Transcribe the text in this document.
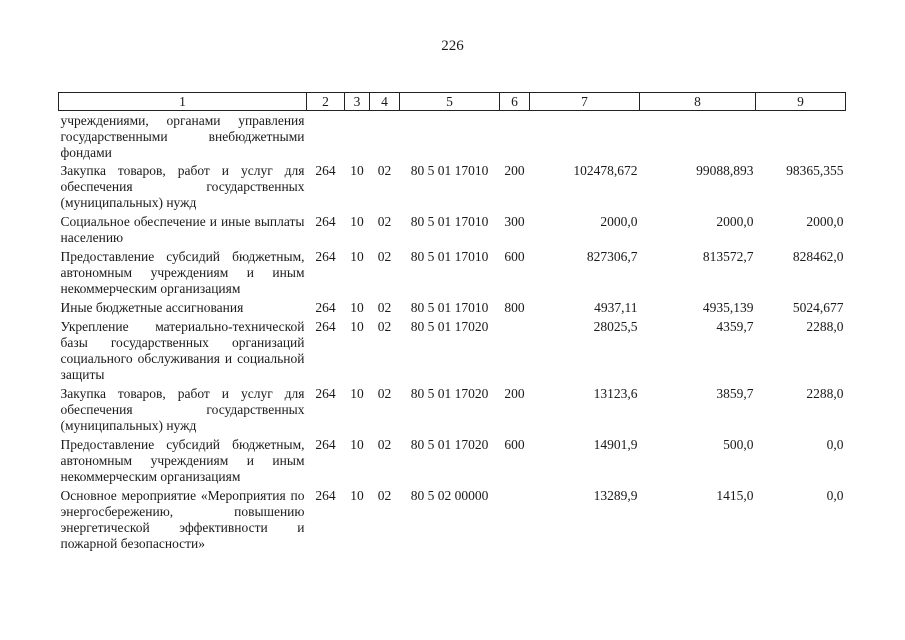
226
1	2	3	4	5	6	7	8	9
учреждениями, органами управления государственными внебюджетными фондами								
Закупка товаров, работ и услуг для обеспечения государственных (муниципальных) нужд	264	10	02	80 5 01 17010	200	102478,672	99088,893	98365,355
Социальное обеспечение и иные выплаты населению	264	10	02	80 5 01 17010	300	2000,0	2000,0	2000,0
Предоставление субсидий бюджетным, автономным учреждениям и иным некоммерческим организациям	264	10	02	80 5 01 17010	600	827306,7	813572,7	828462,0
Иные бюджетные ассигнования	264	10	02	80 5 01 17010	800	4937,11	4935,139	5024,677
Укрепление материально-технической базы государственных организаций социального обслуживания и социальной защиты	264	10	02	80 5 01 17020		28025,5	4359,7	2288,0
Закупка товаров, работ и услуг для обеспечения государственных (муниципальных) нужд	264	10	02	80 5 01 17020	200	13123,6	3859,7	2288,0
Предоставление субсидий бюджетным, автономным учреждениям и иным некоммерческим организациям	264	10	02	80 5 01 17020	600	14901,9	500,0	0,0
Основное мероприятие «Мероприятия по энергосбережению, повышению энергетической эффективности и пожарной безопасности»	264	10	02	80 5 02 00000		13289,9	1415,0	0,0
